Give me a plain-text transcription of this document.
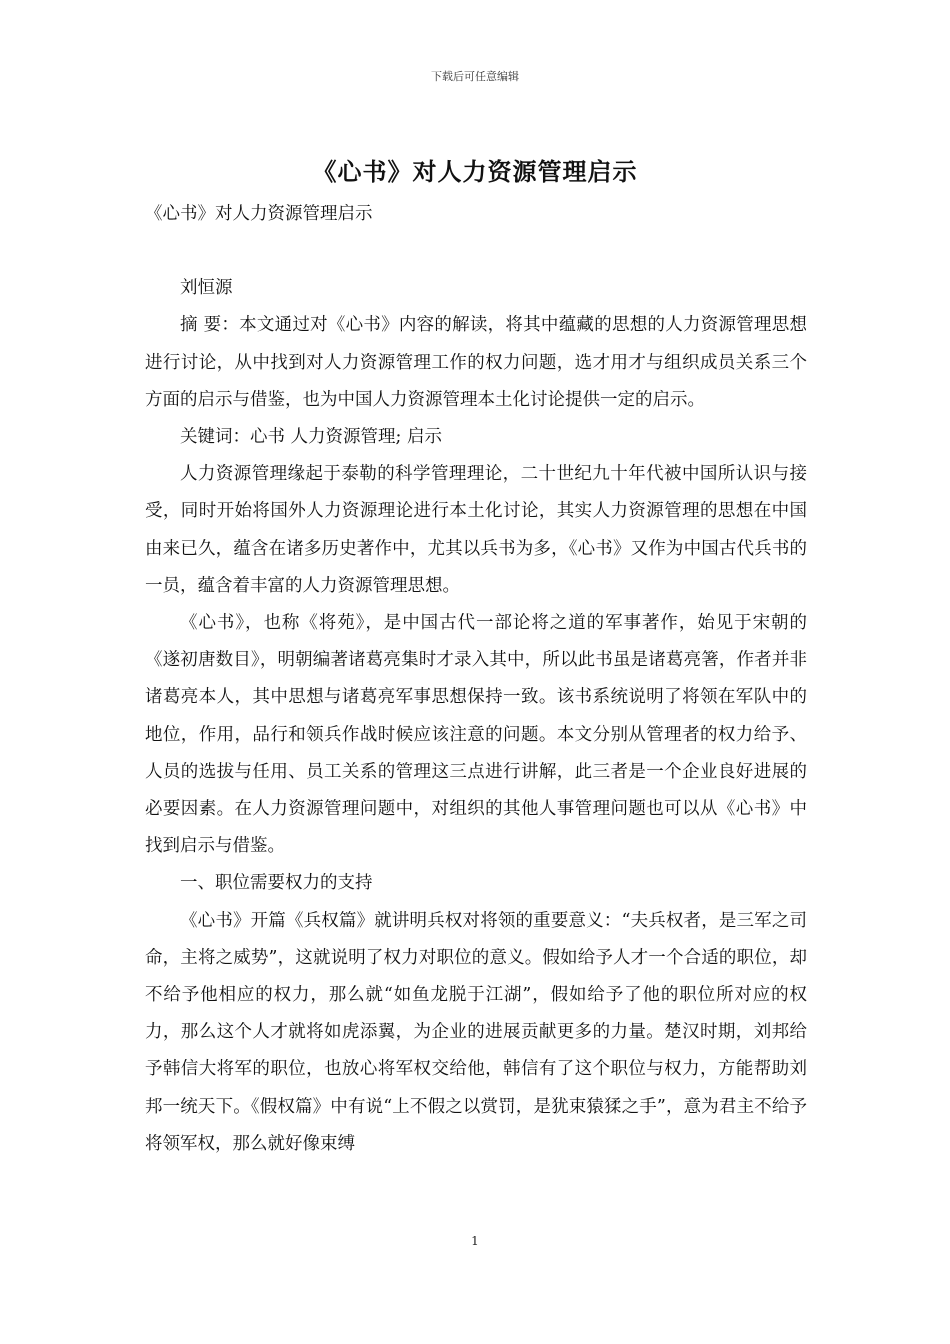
下载后可任意编辑
《心书》对人力资源管理启示

《心书》对人力资源管理启示

刘恒源

摘 要：本文通过对《心书》内容的解读，将其中蕴藏的思想的人力资源管理思想进行讨论，从中找到对人力资源管理工作的权力问题，选才用才与组织成员关系三个方面的启示与借鉴，也为中国人力资源管理本土化讨论提供一定的启示。

关键词：心书 人力资源管理; 启示

人力资源管理缘起于泰勒的科学管理理论，二十世纪九十年代被中国所认识与接受，同时开始将国外人力资源理论进行本土化讨论，其实人力资源管理的思想在中国由来已久，蕴含在诸多历史著作中，尤其以兵书为多，《心书》又作为中国古代兵书的一员，蕴含着丰富的人力资源管理思想。

《心书》，也称《将苑》，是中国古代一部论将之道的军事著作，始见于宋朝的《遂初唐数目》，明朝编著诸葛亮集时才录入其中，所以此书虽是诸葛亮箸，作者并非诸葛亮本人，其中思想与诸葛亮军事思想保持一致。该书系统说明了将领在军队中的地位，作用，品行和领兵作战时候应该注意的问题。本文分别从管理者的权力给予、人员的选拔与任用、员工关系的管理这三点进行讲解，此三者是一个企业良好进展的必要因素。在人力资源管理问题中，对组织的其他人事管理问题也可以从《心书》中找到启示与借鉴。

一、职位需要权力的支持

《心书》开篇《兵权篇》就讲明兵权对将领的重要意义：“夫兵权者，是三军之司命，主将之威势”，这就说明了权力对职位的意义。假如给予人才一个合适的职位，却不给予他相应的权力，那么就“如鱼龙脱于江湖”，假如给予了他的职位所对应的权力，那么这个人才就将如虎添翼，为企业的进展贡献更多的力量。楚汉时期，刘邦给予韩信大将军的职位，也放心将军权交给他，韩信有了这个职位与权力，方能帮助刘邦一统天下。《假权篇》中有说“上不假之以赏罚，是犹束猿猱之手”，意为君主不给予将领军权，那么就好像束缚

1
